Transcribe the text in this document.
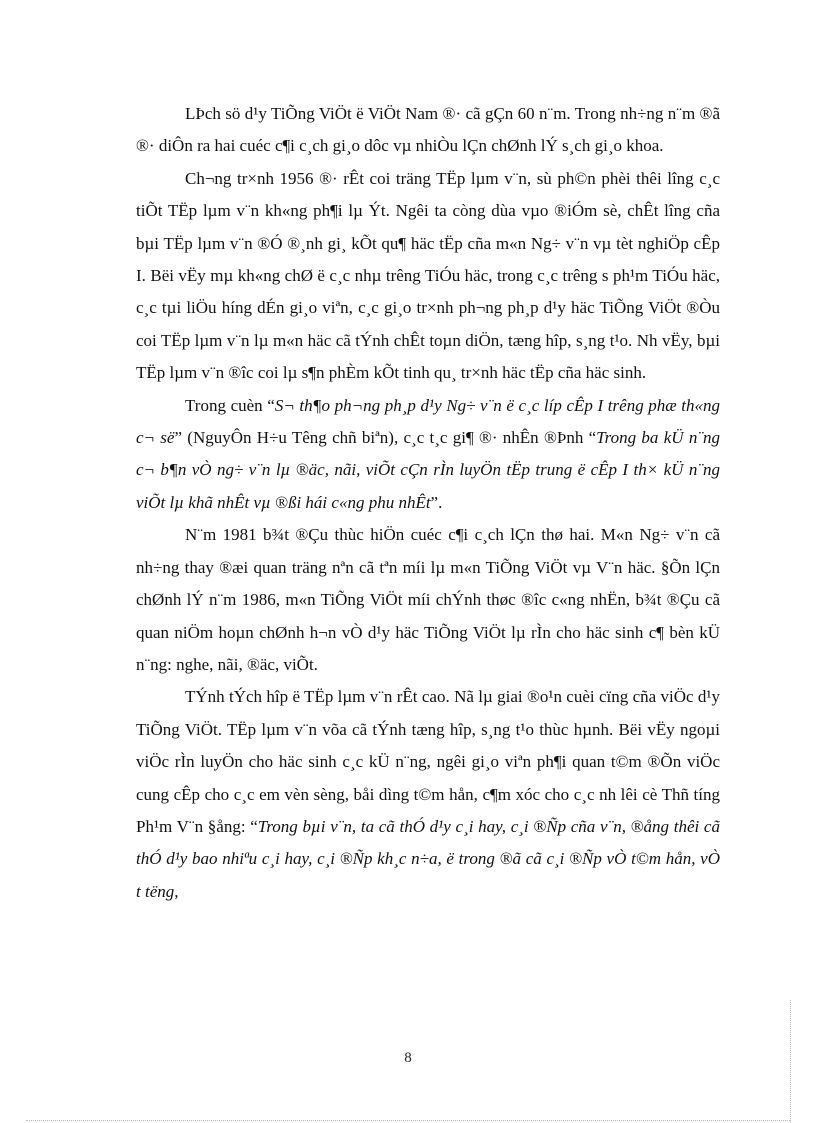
LÞch sö d¹y TiÕng ViÖt ë ViÖt Nam ®· cã gÇn 60 n¨m. Trong nh÷ng n¨m ®ã ®· diÔn ra hai cuéc c¶i c¸ch gi¸o dôc vµ nhiÒu lÇn chØnh lÝ s¸ch gi¸o khoa.

Ch¬ng tr×nh 1956 ®· rÊt coi träng TËp lµm v¨n, sù ph©n phèi thêi lîng c¸c tiÕt TËp lµm v¨n kh«ng ph¶i lµ Ýt. Ngêi ta còng dùa vµo ®iÓm sè, chÊt lîng cña bµi TËp lµm v¨n ®Ó ®¸nh gi¸ kÕt qu¶ häc tËp cña m«n Ng÷ v¨n vµ tèt nghiÖp cÊp I. Bëi vËy mµ kh«ng chØ ë c¸c nhµ trêng TiÓu häc, trong c¸c trêng s ph¹m TiÓu häc, c¸c tµi liÖu híng dÉn gi¸o viªn, c¸c gi¸o tr×nh ph¬ng ph¸p d¹y häc TiÕng ViÖt ®Òu coi TËp lµm v¨n lµ m«n häc cã tÝnh chÊt toµn diÖn, tæng hîp, s¸ng t¹o. Nh vËy, bµi TËp lµm v¨n ®îc coi lµ s¶n phÈm kÕt tinh qu¸ tr×nh häc tËp cña häc sinh.

Trong cuèn “S¬ th¶o ph¬ng ph¸p d¹y Ng÷ v¨n ë c¸c líp cÊp I trêng phæ th«ng c¬ së” (NguyÔn H÷u Têng chñ biªn), c¸c t¸c gi¶ ®· nhÊn ®Þnh “Trong ba kÜ n¨ng c¬ b¶n vÒ ng÷ v¨n lµ ®äc, nãi, viÕt cÇn rÌn luyÖn tËp trung ë cÊp I th× kÜ n¨ng viÕt lµ khã nhÊt vµ ®ßi hái c«ng phu nhÊt”.

N¨m 1981 b¾t ®Çu thùc hiÖn cuéc c¶i c¸ch lÇn thø hai. M«n Ng÷ v¨n cã nh÷ng thay ®æi quan träng nªn cã tªn míi lµ m«n TiÕng ViÖt vµ V¨n häc. §Õn lÇn chØnh lÝ n¨m 1986, m«n TiÕng ViÖt míi chÝnh thøc ®îc c«ng nhËn, b¾t ®Çu cã quan niÖm hoµn chØnh h¬n vÒ d¹y häc TiÕng ViÖt lµ rÌn cho häc sinh c¶ bèn kÜ n¨ng: nghe, nãi, ®äc, viÕt.

TÝnh tÝch hîp ë TËp lµm v¨n rÊt cao. Nã lµ giai ®o¹n cuèi cïng cña viÖc d¹y TiÕng ViÖt. TËp lµm v¨n võa cã tÝnh tæng hîp, s¸ng t¹o thùc hµnh. Bëi vËy ngoµi viÖc rÌn luyÖn cho häc sinh c¸c kÜ n¨ng, ngêi gi¸o viªn ph¶i quan t©m ®Õn viÖc cung cÊp cho c¸c em vèn sèng, båi dìng t©m hån, c¶m xóc cho c¸c nh lêi cè Thñ tíng Ph¹m V¨n §ång: “Trong bµi v¨n, ta cã thÓ d¹y c¸i hay, c¸i ®Ñp cña v¨n, ®ång thêi cã thÓ d¹y bao nhiªu c¸i hay, c¸i ®Ñp kh¸c n÷a, ë trong ®ã cã c¸i ®Ñp vÒ t©m hån, vÒ t tëng,

8
